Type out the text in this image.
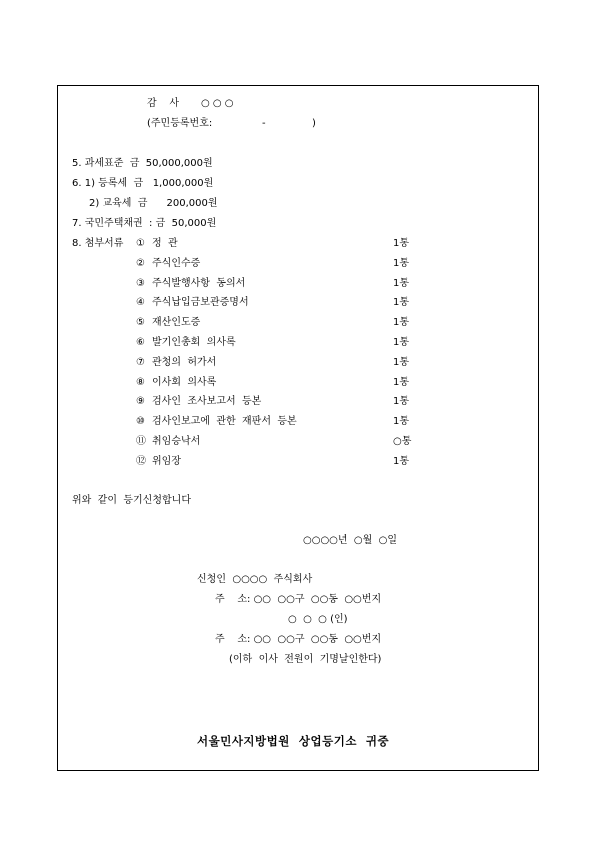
감    사 ○ ○ ○
(주민등록번호:	-	)
5. 과세표준  금  50,000,000원
6. 1) 등록세  금   1,000,000원
2) 교육세  금      200,000원
7. 국민주택채권  : 금  50,000원
8. 첨부서류 ① 정  관	1통
② 주식인수증	1통
③ 주식발행사항  동의서	1통
④ 주식납입금보관증명서	1통
⑤ 재산인도증	1통
⑥ 발기인총회  의사록	1통
⑦ 관청의  허가서	1통
⑧ 이사회  의사록	1통
⑨ 검사인  조사보고서  등본	1통
⑩ 검사인보고에  관한  재판서  등본	1통
⑪ 취임승낙서	○통
⑫ 위임장	1통
위와  같이  등기신청합니다
○○○○년  ○월  ○일
신청인  ○○○○  주식회사
주    소: ○○  ○○구  ○○동  ○○번지
○  ○  ○ (인)
주    소: ○○  ○○구  ○○동  ○○번지
(이하  이사  전원이  기명날인한다)
서울민사지방법원  상업등기소  귀중
